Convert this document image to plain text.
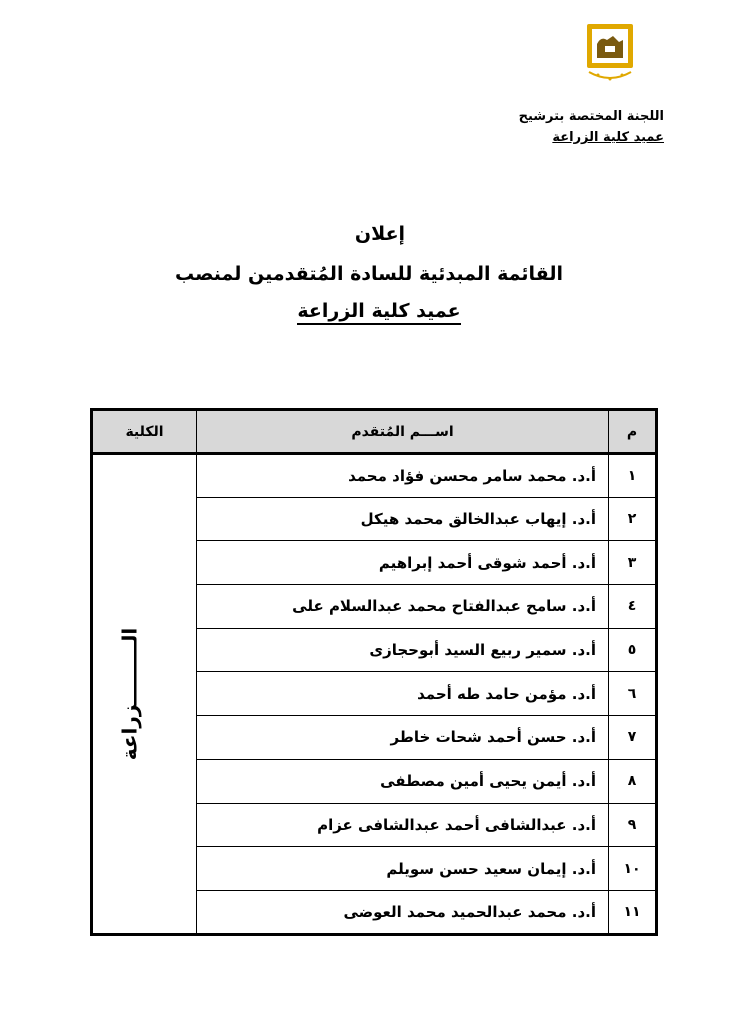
اللجنة المختصة بترشيح
عميد كلية الزراعة
إعلان
القائمة المبدئية للسادة المُتقدمين لمنصب
عميد كلية الزراعة
م	اســـم المُتقدم	الكلية
١	أ.د. محمد سامر محسن فؤاد محمد	الـــــــــزراعة
٢	أ.د. إيهاب عبدالخالق محمد هيكل	
٣	أ.د. أحمد شوقى أحمد إبراهيم	
٤	أ.د. سامح عبدالفتاح محمد عبدالسلام على	
٥	أ.د. سمير ربيع السيد أبوحجازى	
٦	أ.د. مؤمن حامد طه أحمد	
٧	أ.د. حسن أحمد شحات خاطر	
٨	أ.د. أيمن يحيى أمين مصطفى	
٩	أ.د. عبدالشافى أحمد عبدالشافى عزام	
١٠	أ.د. إيمان سعيد حسن سويلم	
١١	أ.د. محمد عبدالحميد محمد العوضى	
